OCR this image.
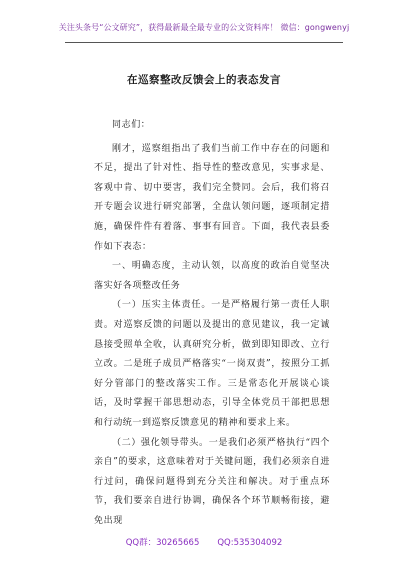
关注头条号“公文研究”，获得最新最全最专业的公文资料库！ 微信：gongwenyj
在巡察整改反馈会上的表态发言

同志们：

刚才，巡察组指出了我们当前工作中存在的问题和不足，提出了针对性、指导性的整改意见，实事求是、客观中肯、切中要害，我们完全赞同。会后，我们将召开专题会议进行研究部署，全盘认领问题，逐项制定措施，确保件件有着落、事事有回音。下面，我代表县委作如下表态：

一、明确态度，主动认领，以高度的政治自觉坚决落实好各项整改任务

（一）压实主体责任。一是严格履行第一责任人职责。对巡察反馈的问题以及提出的意见建议，我一定诚恳接受照单全收，认真研究分析，做到即知即改、立行立改。二是班子成员严格落实“一岗双责”，按照分工抓好分管部门的整改落实工作。三是常态化开展谈心谈话，及时掌握干部思想动态，引导全体党员干部把思想和行动统一到巡察反馈意见的精神和要求上来。

（二）强化领导带头。一是我们必须严格执行“四个亲自”的要求，这意味着对于关键问题，我们必须亲自进行过问，确保问题得到充分关注和解决。对于重点环节，我们要亲自进行协调，确保各个环节顺畅衔接，避免出现

QQ群：30265665 QQ:535304092
